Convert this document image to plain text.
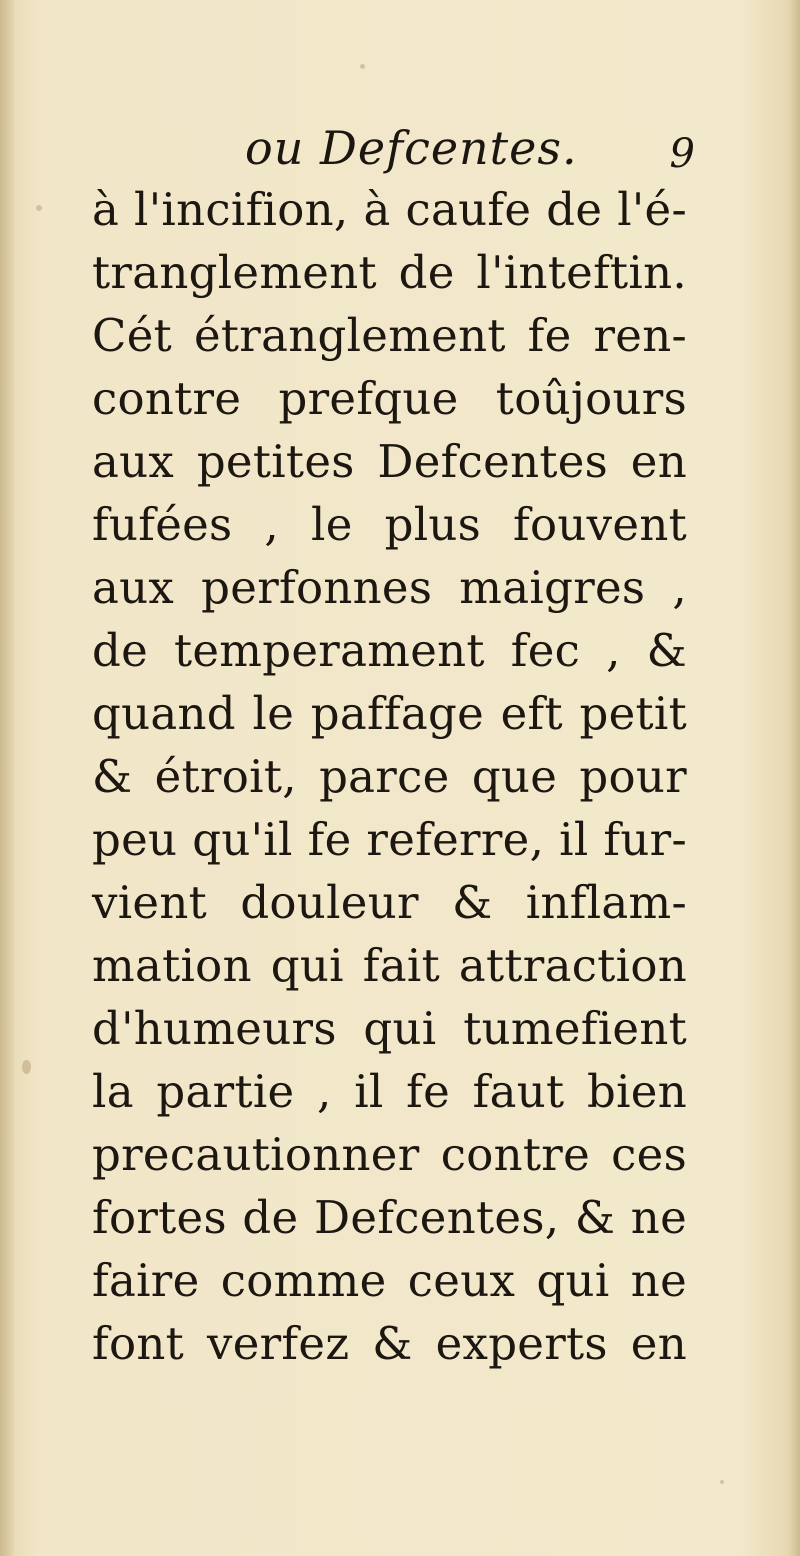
ou Defcentes. 9
à l'incifion, à caufe de l'é-
tranglement de l'inteftin.
Cét étranglement fe ren-
contre prefque toûjours
aux petites Defcentes en
fufées , le plus fouvent
aux perfonnes maigres ,
de temperament fec , &
quand le paffage eft petit
& étroit, parce que pour
peu qu'il fe referre, il fur-
vient douleur & inflam-
mation qui fait attraction
d'humeurs qui tumefient
la partie , il fe faut bien
precautionner contre ces
fortes de Defcentes, & ne
faire comme ceux qui ne
font verfez & experts en
